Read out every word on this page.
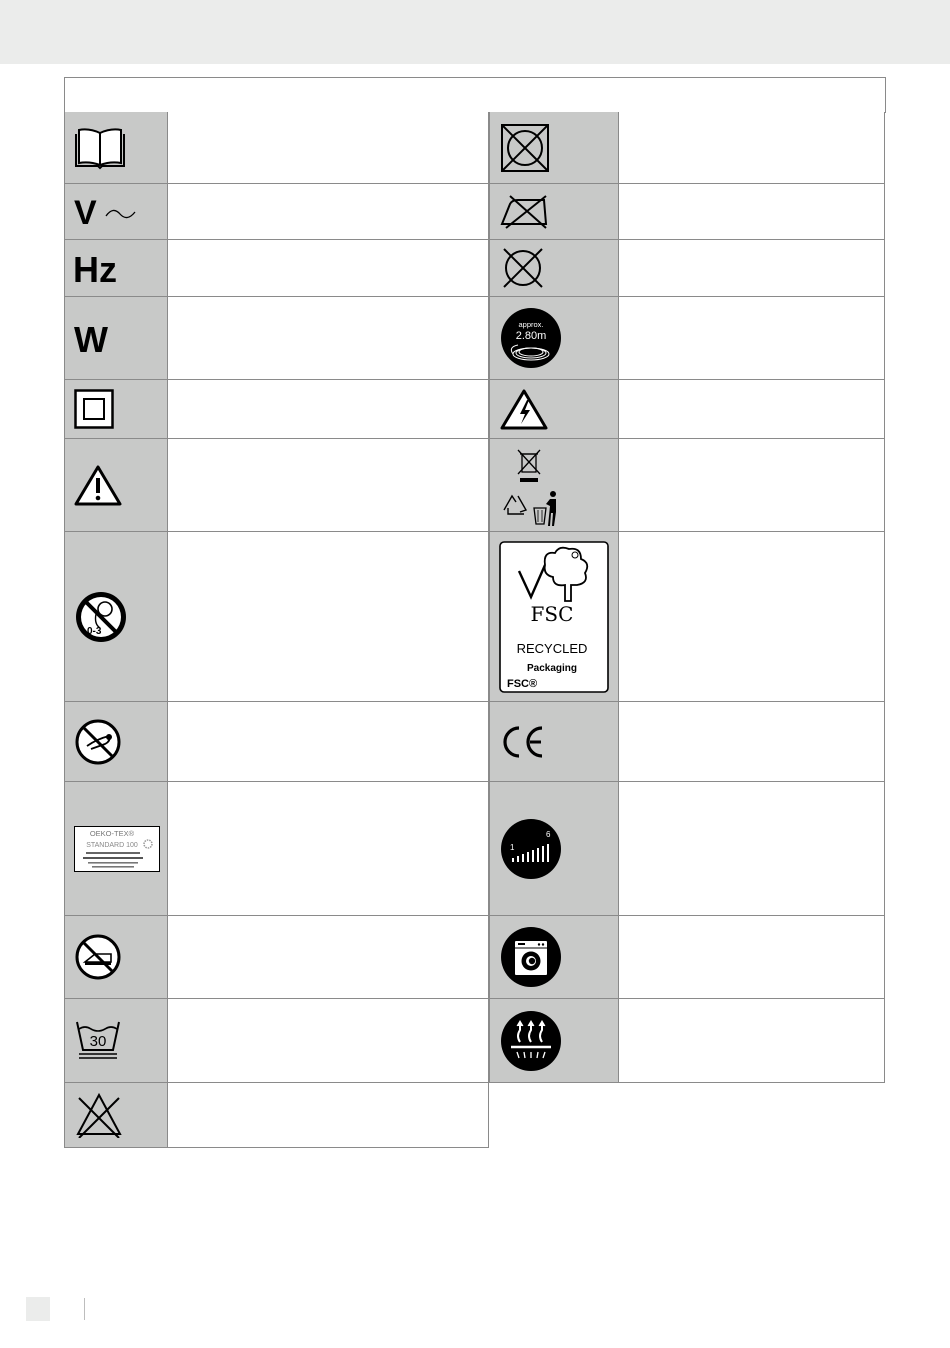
V
Hz
W
0-3
OEKO-TEX®
STANDARD 100
30
approx.
2.80m
FSC
RECYCLED
Packaging
FSC®
1
6
